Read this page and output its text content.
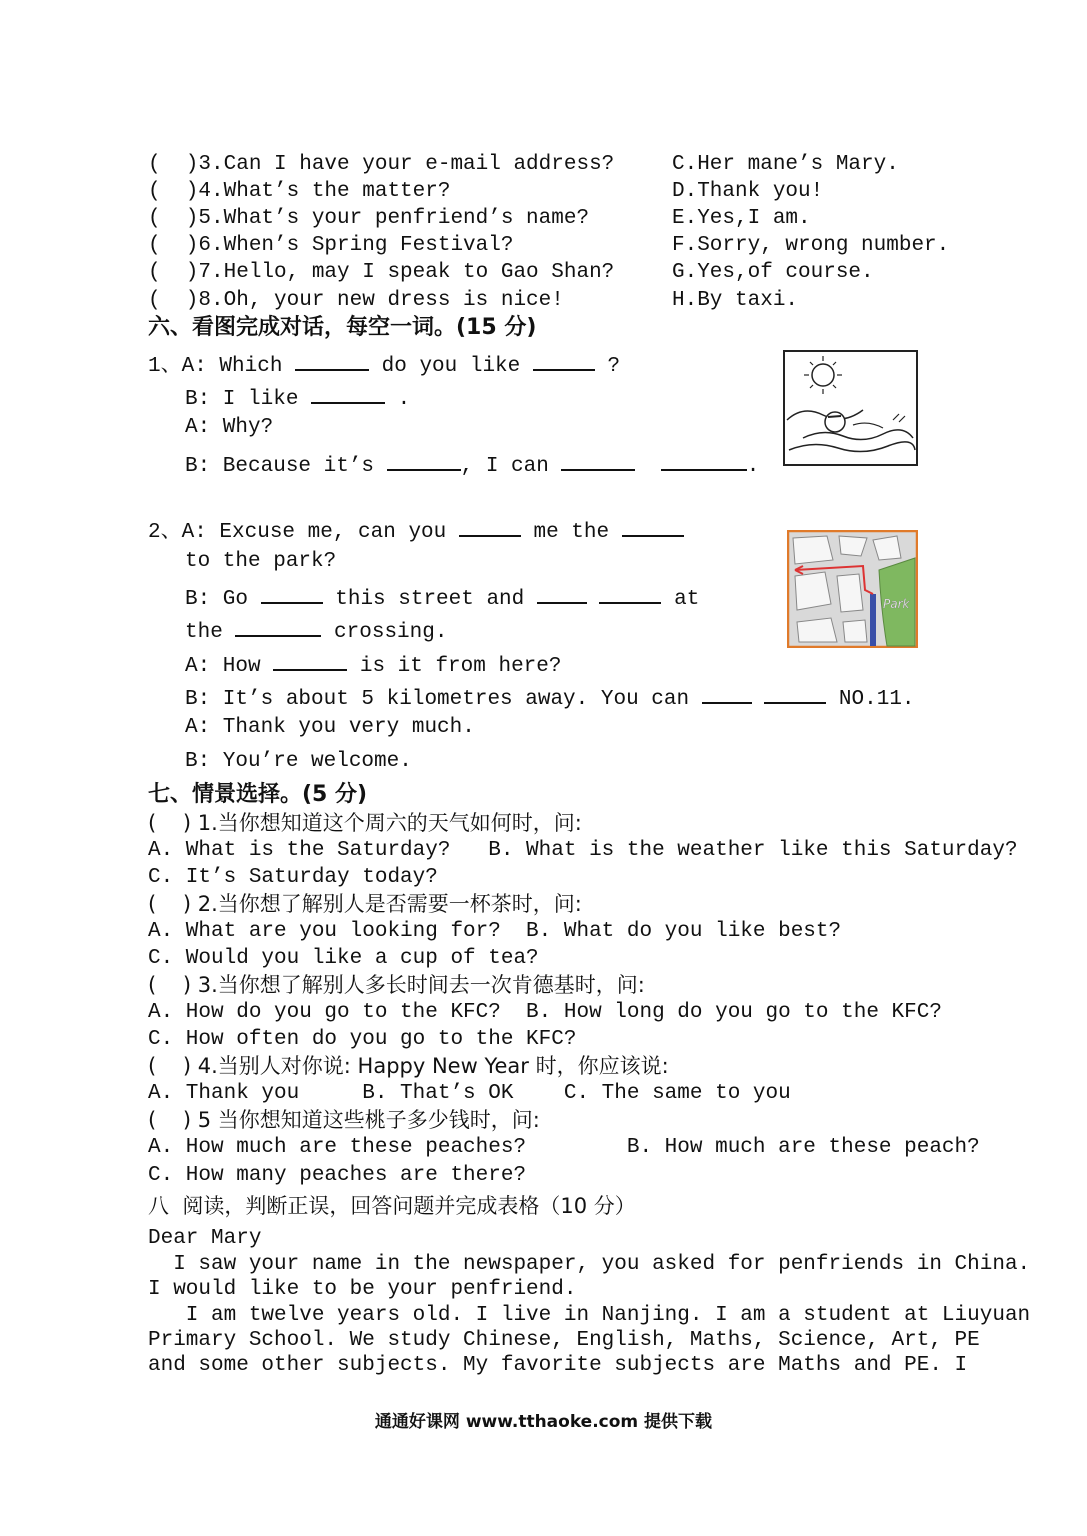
(  )3.Can I have your e-mail address?	C.Her mane’s Mary.
(  )4.What’s the matter?	D.Thank you!
(  )5.What’s your penfriend’s name?	E.Yes,I am.
(  )6.When’s Spring Festival?	F.Sorry, wrong number.
(  )7.Hello, may I speak to Gao Shan?	G.Yes,of course.
(  )8.Oh, your new dress is nice!	H.By taxi.
六、看图完成对话，每空一词。(15 分)
1、A: Which	do you like	?
B: I like	.
A: Why?
B: Because it’s	, I can	.
2、A: Excuse me, can you	me the
to the park?
B: Go	this street and	at
the	crossing.
A: How	is it from here?
B: It’s about 5 kilometres away. You can	NO.11.
A: Thank you very much.
B: You’re welcome.
Park
七、情景选择。(5 分)
(    ) 1.当你想知道这个周六的天气如何时，问:
A. What is the Saturday?   B. What is the weather like this Saturday?
C. It’s Saturday today?
(    ) 2.当你想了解别人是否需要一杯茶时，问:
A. What are you looking for?  B. What do you like best?
C. Would you like a cup of tea?
(    ) 3.当你想了解别人多长时间去一次肯德基时，问:
A. How do you go to the KFC?  B. How long do you go to the KFC?
C. How often do you go to the KFC?
(    ) 4.当别人对你说: Happy New Year 时，你应该说:
A. Thank you     B. That’s OK    C. The same to you
(    ) 5 当你想知道这些桃子多少钱时，问:
A. How much are these peaches?        B. How much are these peach?
C. How many peaches are there?
八  阅读，判断正误，回答问题并完成表格（10 分）
Dear Mary
I saw your name in the newspaper, you asked for penfriends in China.
I would like to be your penfriend.
I am twelve years old. I live in Nanjing. I am a student at Liuyuan
Primary School. We study Chinese, English, Maths, Science, Art, PE
and some other subjects. My favorite subjects are Maths and PE. I
通通好课网 www.tthaoke.com 提供下载
